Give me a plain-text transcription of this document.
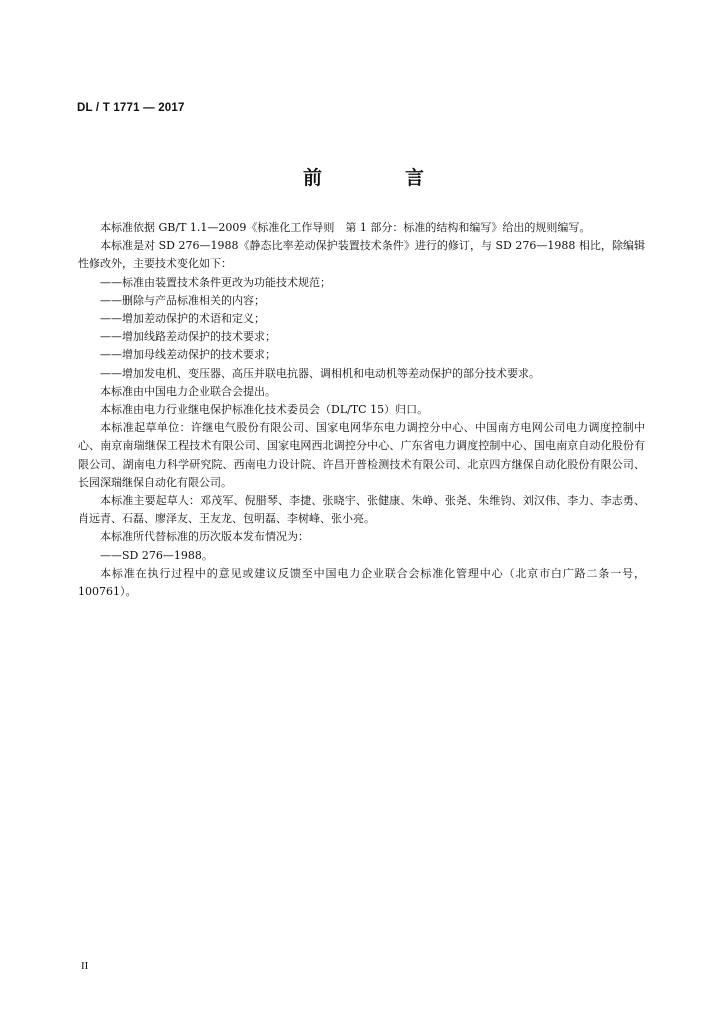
DL / T 1771 — 2017
前　言

本标准依据 GB/T 1.1—2009《标准化工作导则　第 1 部分：标准的结构和编写》给出的规则编写。

本标准是对 SD 276—1988《静态比率差动保护装置技术条件》进行的修订，与 SD 276—1988 相比，除编辑性修改外，主要技术变化如下：

——标准由装置技术条件更改为功能技术规范；

——删除与产品标准相关的内容；

——增加差动保护的术语和定义；

——增加线路差动保护的技术要求；

——增加母线差动保护的技术要求；

——增加发电机、变压器、高压并联电抗器、调相机和电动机等差动保护的部分技术要求。

本标准由中国电力企业联合会提出。

本标准由电力行业继电保护标准化技术委员会（DL/TC 15）归口。

本标准起草单位：许继电气股份有限公司、国家电网华东电力调控分中心、中国南方电网公司电力调度控制中心、南京南瑞继保工程技术有限公司、国家电网西北调控分中心、广东省电力调度控制中心、国电南京自动化股份有限公司、湖南电力科学研究院、西南电力设计院、许昌开普检测技术有限公司、北京四方继保自动化股份有限公司、长园深瑞继保自动化有限公司。

本标准主要起草人：邓茂军、倪腊琴、李捷、张晓宇、张健康、朱峥、张尧、朱维钧、刘汉伟、李力、李志勇、肖远青、石磊、廖泽友、王友龙、包明磊、李树峰、张小亮。

本标准所代替标准的历次版本发布情况为：

——SD 276—1988。

本标准在执行过程中的意见或建议反馈至中国电力企业联合会标准化管理中心（北京市白广路二条一号，100761）。

II
